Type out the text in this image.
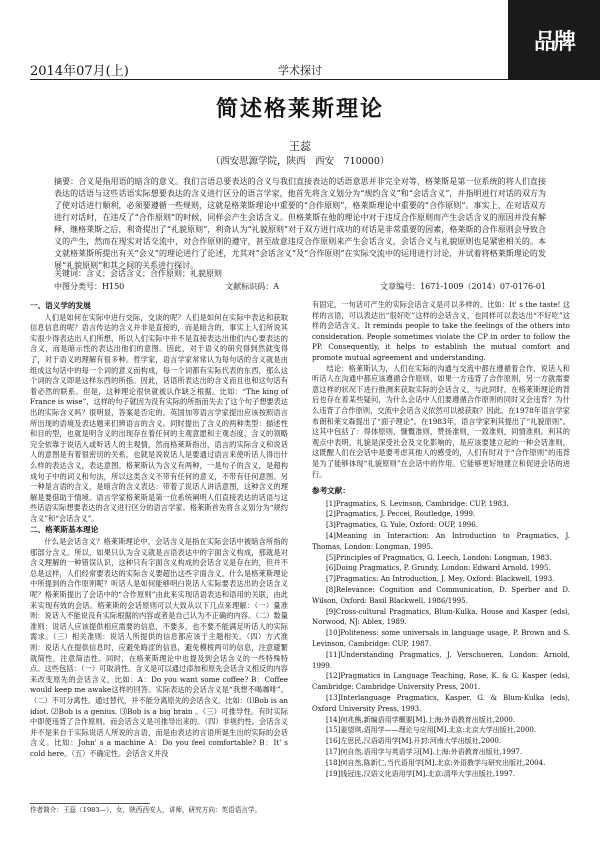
2014年07月(上)	学术探讨
品牌
简述格莱斯理论
王蕊
（西安思源学院，陕西　西安　710000）
摘要：合义是指用语的暗含的意义。我们言语总要表达的合义与我们直接表达的话语意思并非完全对等，格莱斯是第一位系统的将人们直接表达的话语与这些话语实际想要表达的含义进行区分的语言学家，他首先将含义划分为“规约含义”和“会话含义”，并指明进行对话的双方为了使对话进行顺利，必须要遵循一些规则，这就是格莱斯理论中重要的“合作原则”，格莱斯理论中重要的“合作原则”。事实上，在对话双方进行对话时，在违反了“合作原则”的时候，同样会产生会话含义。但格莱斯在他的理论中对于违反合作原则而产生会话含义的原因并没有解释，继格莱斯之后，利奇提出了“礼貌原则”，利奇认为“礼貌原则”对于双方进行成功的对话是非常重要的因素，格莱斯的合作原则会导致合义的产生，然而在现实对话交流中，对合作原则的遵守，甚至故意违反合作原则来产生会话含义，会话合义与礼貌原则也是紧密相关的。本文就格莱斯所提出有关“会义”的理论进行了论述，尤其对“会话含义”及“合作原则”在实际交流中的运用进行讨论，并试着将格莱斯理论的发展“礼貌原则”和其之间的关系进行探讨。
关键词：含义；会话含义；合作原则；礼貌原则
中图分类号：H150	文献标识码：A	文章编号：1671-1009（2014）07-0176-01
一、语义学的发展

人们是如何在实际中进行交际，交谈的呢？人们是如何在实际中表达和获取信息信息的呢？语言传达的含义并非是直接的，而是暗含的，事实上人们所说其实很少得表达出人们所想，所以人们实际中并不是直接表达出他们内心要表达的含义，而是暗示性的表达出他们的意图。因此，对于语义的研究得到然就变得了，对于语义的理解有很多种。哲学家，语言学家常常认为每句话的含义就是由组成这句话中的每一个词的意义而构成，每一个词都有实际代表的东西，那么这个词的含义即是这样东西的所指。因此，话语所表达出的含义而且也和这句话有着必然的联系。但是，这种理论很快就被认作缺乏根据。比如：“The king of France is wise”，这样的句子就因为没有实际的所指而失去了这个句子想要表达出的实际含义吗？很明显，答案是否定的。英国加等语言学家提出应该按照语言所出现的语境及表达题来们辨语言的含义。同时提出了含义的两种类型：描述性和目的型，也就是明含义的出现存在着任何的主观意愿和主观态度，含义的领略完全依靠于说话人或听话人的主观情，然而格莱斯指出，语言的实际含义和说话人的意图是有着很密切的关系，也就是说说话人是要通过语言来使听话人得出什么样的表达含义，表达意图。格莱斯认为含义有两种，一是句子的含义，是超构成句子中的词义和句法，所以这类含义不带有任何的意义，不带有任何意图。另一种是言语的含义，是暗含的含义表达：带着了说话人讲话意图，这种含义的理解是要借助于情境。语言学家格莱斯是第一位系统阐明人们直接表达的话语与这些话语实际想要表达的含义进行区分的语言学家。格莱斯首先将含义划分为“规约含义”和“会话含义”。

二、格莱斯基本理论

什么是会话含义？格莱斯理论中，会话含义是指在实际会话中被暗含所指的那部分含义。所以，如果只认为含义就是言语表达中的字面含义构成，那就是对含义理解的一种错误认识，这种只有字面含义构成的会话含义是存在的，但并不总是这样，人们经常要表达的实际含义要超出这些字面含义。什么是格莱斯理论中所提到的合作原则呢？听话人是如何能够明白说话人实际要表达出的会话含义呢？格莱斯提出了会话中的“合作原则”由此来实现话语表达和语用的关联，由此来实现有效的会话。格莱斯的会话原则可以大致从以下几点来理解：（一）量准则：说话人不能说没有实际根据的内容或者是自己认为不正确的内容。（二）数量准则：说话人应该提供相应需要的信息，不要多，也不要不能满足听话人的实际需求。（三）相关准则：说话人所提供的信息都应该于主题相关。（四）方式准则：说话人在提供信息时，应避免晦涩的信息，避免模棱两可的信息，注意避繁就简性，注意简洁性。同时，在格莱斯理论中也提及到会话含义的一些特殊特点。这些包括：（一）可取消性。含义是可以通过添加和原先会话含义相反的内容来改变原先的会话含义，比如：A：Do you want some coffee? B：Coffee would keep me awake这样的回答。实际表达的会话含义是“我想不喝咖啡”。（二）不可分离性。通过替代，并不能分离原先的会话含义。比如：⑴Bob is an idiot. ⑵Bob is a genius. ⑶Bob is a big brain 。（三）可推导性。有时实际中即使违背了合作原则，而会话含义是可推导出来的。（四）非规约性。会话含义并不是来自于实际说话人所说的言语，而是由表达的言语所诞生出的实际的会话含义。比如：John' s a machine A：Do you feel comfortable? B：It' s cold here。（五）不确定性。会话含义并没

有固定，一句话可产生的实际会话含义是可以多样的。比如：It' s the taste! 这样的言语，可以表达出“很好吃”这样的会话含义，也同样可以表达出“不好吃”这样的会话含义。It reminds people to take the feelings of the others into consideration. People sometimes violate the CP in order to follow the PP. Consequently, it helps to establish the mutual comfort and promote mutual agreement and understanding.

结论：格莱斯认为，人们在实际的沟通与交流中都在遵循着合作，说话人和听话人在沟通中都应该遵循合作原则，如果一方违背了合作原则，另一方就需要意这样的状况下进行推测来获取实际的会话含义，与此同时，在格莱斯理论的背后也存在着某些疑问，为什么会话中人们要遵循合作原则的同时又会违背？为什么违背了合作原则，交流中会话含义依然可以被获取？因此，在1978年语言学家布朗和莱文森提出了“面子理论”。在1983年，语言学家利其提出了“礼貌原则”。这其中包括了：得体原则，慷慨准则，赞扬准则，一致准则，同情准则。利其的观点中表明，礼貌是深受社会及文化影响的，是应该要建立起的一种会话准则，这既醒人们在会话中是要考虑其他人的感受的，人们有时对于“合作原则”的违背是为了能够体现“礼貌原则”在会话中的作用。它能够更好地建立和促进会话的进行。

参考文献：

[1]Pragmatics, S. Levinson, Cambridge: CUP, 1983.

[2]Pragmatics, J. Peccei, Routledge, 1999.

[3]Pragmatics, G. Yule, Oxford: OUP, 1996.

[4]Meaning in Interaction: An Introduction to Pragmatics, J. Thomas, London: Longman, 1995.

[5]Principles of Pragmatics, G. Leech, London: Longman, 1983.

[6]Doing Pragmatics, P. Grundy, London: Edward Arnold, 1995.

[7]Pragmatics: An Introduction, J. Mey, Oxford: Blackwell, 1993.

[8]Relevance: Cognition and Communication, D. Sperber and D. Wilson, Oxford: Basil Blackwell, 1986/1995.

[9]Cross-cultural Pragmatics, Blum-Kulka, House and Kasper (eds), Norwood, NJ: Ablex, 1989.

[10]Politeness: some universals in language usage, P. Brown and S. Levinson, Cambridge: CUP, 1987.

[11]Understanding Pragmatics, J. Verschueren, London: Arnold, 1999.

[12]Pragmatics in Language Teaching, Rose, K. & G. Kasper (eds), Cambridge: Cambridge University Press, 2001.

[13]Interlanguage Pragmatics, Kasper, G. & Blum-Kulka (eds), Oxford University Press, 1993.

[14]何兆熊,新编语用学概要[M].上海:外语教育出版社,2000.

[15]姜望琪,语用学——理论与应用[M].北京:北京大学出版社,2000.

[16]左思民,汉语语用学[M].开封:河南大学出版社,2000.

[17]何自然,语用学与英语学习[M].上海:外语教育出版社,1997.

[18]何自然,陈新仁,当代语用学[M].北京:外语教学与研究出版社,2004.

[19]钱冠连,汉语文化语用学[M].北京:清华大学出版社,1997.

作者简介：王蕊（1983—），女，陕西西安人，讲师，研究方向：英语语言学。
